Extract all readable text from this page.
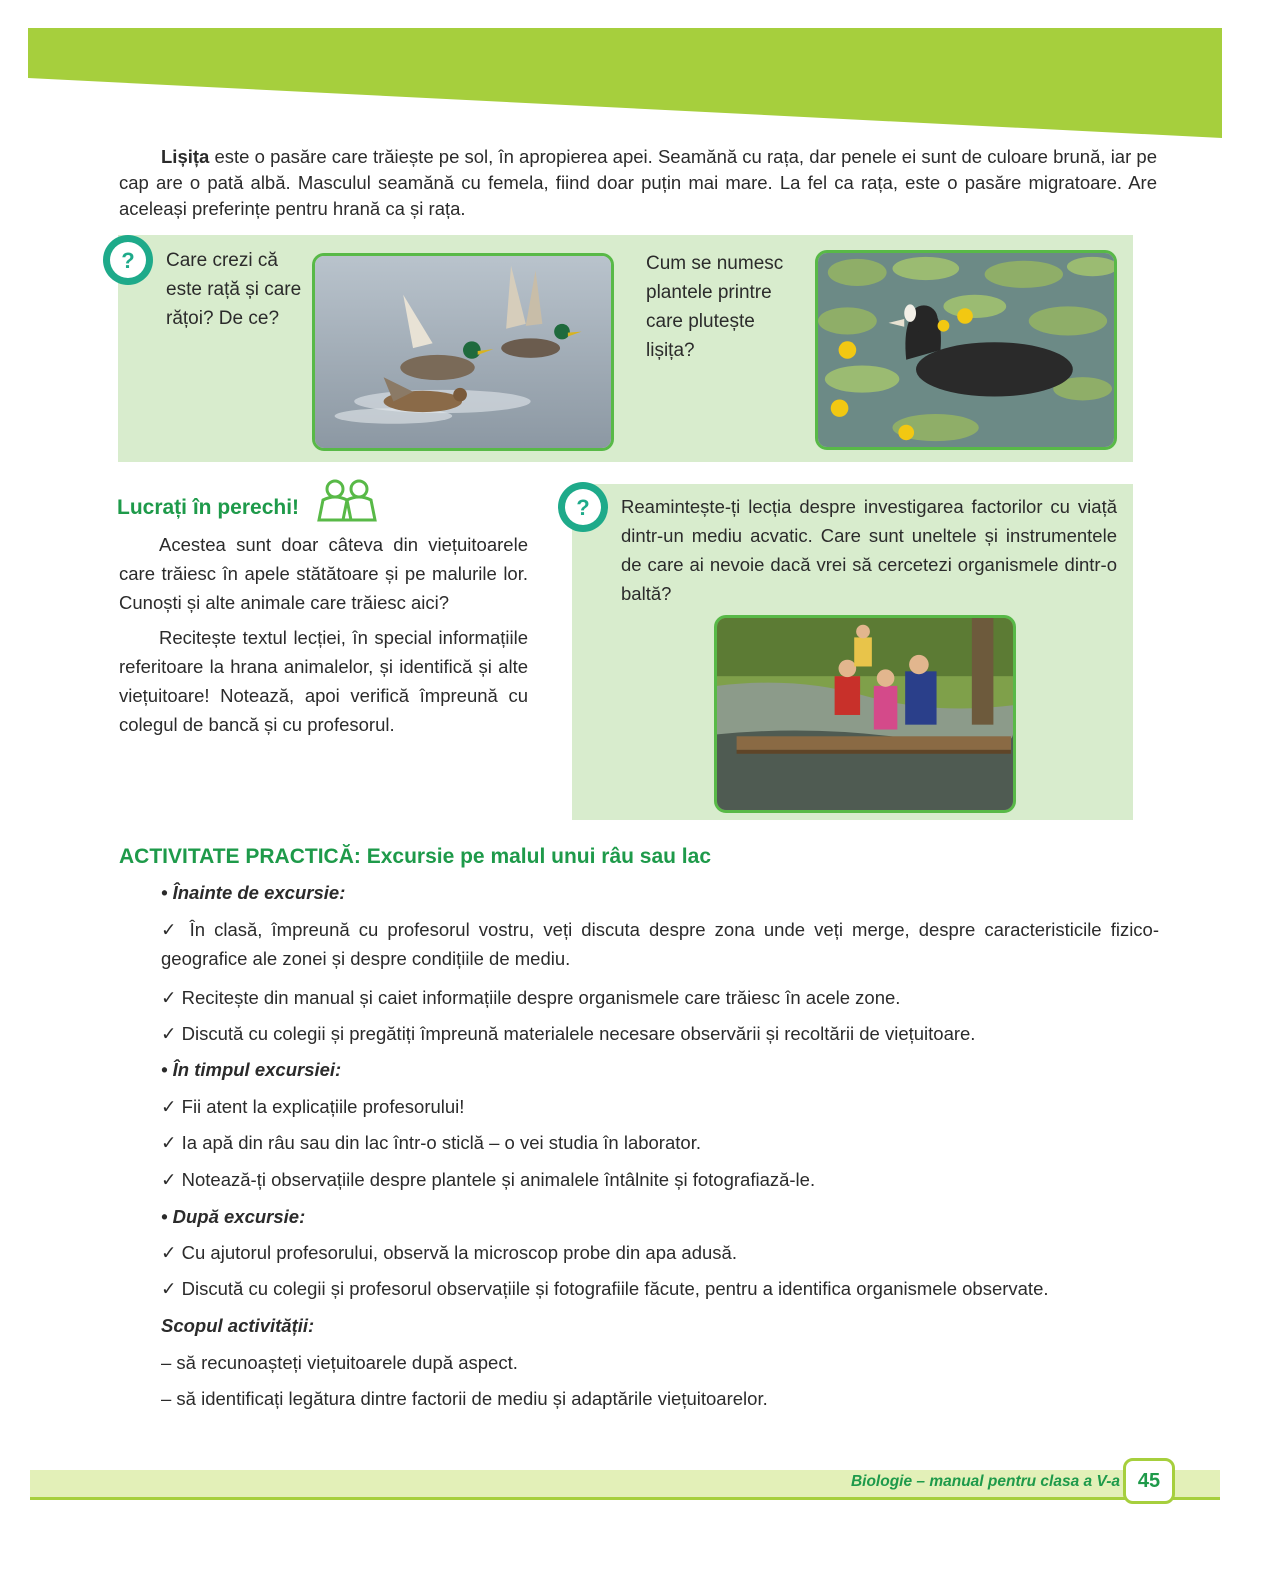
Lișița este o pasăre care trăiește pe sol, în apropierea apei. Seamănă cu rața, dar penele ei sunt de culoare brună, iar pe cap are o pată albă. Masculul seamănă cu femela, fiind doar puțin mai mare. La fel ca rața, este o pasăre migratoare. Are aceleași preferințe pentru hrană ca și rața.

? Care crezi că este rață și care rățoi? De ce?

Cum se numesc plantele printre care plutește lișița?

Lucrați în perechi!

Acestea sunt doar câteva din viețuitoarele care trăiesc în apele stătătoare și pe malurile lor. Cunoști și alte animale care trăiesc aici?

Recitește textul lecției, în special informațiile referitoare la hrana animalelor, și identifică și alte viețuitoare! Notează, apoi verifică împreună cu colegul de bancă și cu profesorul.

? Reamintește-ți lecția despre investigarea factorilor cu viață dintr-un mediu acvatic. Care sunt uneltele și instrumentele de care ai nevoie dacă vrei să cercetezi organismele dintr-o baltă?

ACTIVITATE PRACTICĂ: Excursie pe malul unui râu sau lac

• Înainte de excursie:

✓ În clasă, împreună cu profesorul vostru, veți discuta despre zona unde veți merge, despre caracteristicile fizico-geografice ale zonei și despre condițiile de mediu.

✓ Recitește din manual și caiet informațiile despre organismele care trăiesc în acele zone.

✓ Discută cu colegii și pregătiți împreună materialele necesare observării și recoltării de viețuitoare.

• În timpul excursiei:

✓ Fii atent la explicațiile profesorului!

✓ Ia apă din râu sau din lac într-o sticlă – o vei studia în laborator.

✓ Notează-ți observațiile despre plantele și animalele întâlnite și fotografiază-le.

• După excursie:

✓ Cu ajutorul profesorului, observă la microscop probe din apa adusă.

✓ Discută cu colegii și profesorul observațiile și fotografiile făcute, pentru a identifica organismele observate.

Scopul activității:

– să recunoașteți viețuitoarele după aspect.

– să identificați legătura dintre factorii de mediu și adaptările viețuitoarelor.

Biologie – manual pentru clasa a V-a 45
